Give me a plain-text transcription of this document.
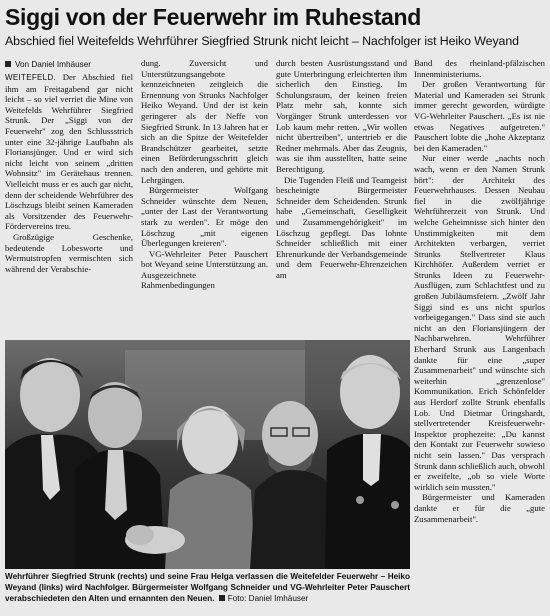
Siggi von der Feuerwehr im Ruhestand
Abschied fiel Weitefelds Wehrführer Siegfried Strunk nicht leicht – Nachfolger ist Heiko Weyand
Von Daniel Imhäuser

WEITEFELD. Der Abschied fiel ihm am Freitagabend gar nicht leicht – so viel verriet die Mine von Weitefelds Wehrführer Siegfried Strunk. Der „Siggi von der Feuerwehr" zog den Schlussstrich unter eine 32-jährige Laufbahn als Floriansjünger. Und er wird sich nicht leicht von seinem „dritten Wohnsitz" im Gerätehaus trennen. Vielleicht muss er es auch gar nicht, denn der scheidende Wehrführer des Löschzugs bleibt seinen Kameraden als Vorsitzender des Feuerwehr-Fördervereins treu.

Großzügige Geschenke, bedeutende Lobesworte und Wermutstropfen vermischten sich während der Verabschie-

dung. Zuversicht und Unterstützungsangebote kennzeichneten zeitgleich die Ernennung von Strunks Nachfolger Heiko Weyand. Und der ist kein geringerer als der Neffe von Siegfried Strunk. In 13 Jahren hat er sich an die Spitze der Weitefelder Brandschützer gearbeitet, setzte einen Beförderungsschritt gleich nach den anderen, und gehörte mit Lehrgängen.

Bürgermeister Wolfgang Schneider wünschte dem Neuen, „unter der Last der Verantwortung stark zu werden". Er möge den Löschzug „mit eigenen Überlegungen kreieren".

VG-Wehrleiter Peter Pauschert bot Weyand seine Unterstützung an. Ausgezeichnete Rahmenbedingungen

durch besten Ausrüstungsstand und gute Unterbringung erleichterten ihm sicherlich den Einstieg. Im Schulungsraum, der keinen freien Platz mehr sah, konnte sich Vorgänger Strunk unterdessen vor Lob kaum mehr retten. „Wir wollen nicht übertreiben", untertrieb er die Redner mehrmals. Aber das Zeugnis, was sie ihm ausstellten, hatte seine Berechtigung.

Die Tugenden Fleiß und Teamgeist bescheinigte Bürgermeister Schneider dem Scheidenden. Strunk habe „Gemeinschaft, Geselligkeit und Zusammengehörigkeit" im Löschzug gepflegt. Das lohnte Schneider schließlich mit einer Ehrenurkunde der Verbandsgemeinde und dem Feuerwehr-Ehrenzeichen am

Band des rheinland-pfälzischen Innenministeriums.

Der großen Verantwortung für Material und Kameraden sei Strunk immer gerecht geworden, würdigte VG-Wehrleiter Pauschert. „Es ist nie etwas Negatives aufgetreten." Pauschert lobte die „hohe Akzeptanz bei den Kameraden."

Nur einer werde „nachts noch wach, wenn er den Namen Strunk hört": der Architekt des Feuerwehrhauses. Dessen Neubau fiel in die zwölfjährige Wehrführerzeit von Strunk. Und welche Geheimnisse sich hinter den Unstimmigkeiten mit dem Architekten verbargen, verriet Strunks Stellvertreter Klaus Kirchhöfer. Außerdem verriet er Strunks Ideen zu Feuerwehr-Ausflügen, zum Schlachtfest und zu großen Jubiläumsfeiern. „Zwölf Jahr Siggi sind es uns nicht spurlos vorbeigegangen." Dass sind sie auch nicht an den Floriansjüngern der Nachbarwehren. Wehrführer Eberhard Strunk aus Langenbach dankte für eine „super Zusammenarbeit" und wünschte sich weiterhin „grenzenlose" Kommunikation. Erich Schönfelder aus Herdorf zollte Strunk ebenfalls Lob. Und Dietmar Üringshardt, stellvertretender Kreisfeuerwehr-Inspektor prophezeite: „Du kannst den Kontakt zur Feuerwehr sowieso nicht sein lassen." Das versprach Strunk dann schließlich auch, obwohl er zweifelte, „ob so viele Worte wirklich sein mussten."

Bürgermeister und Kameraden dankte er für die „gute Zusammenarbeit".

Wehrführer Siegfried Strunk (rechts) und seine Frau Helga verlassen die Weitefelder Feuerwehr – Heiko Weyand (links) wird Nachfolger. Bürgermeister Wolfgang Schneider und VG-Wehrleiter Peter Pauschert verabschiedeten den Alten und ernannten den Neuen. Foto: Daniel Imhäuser
